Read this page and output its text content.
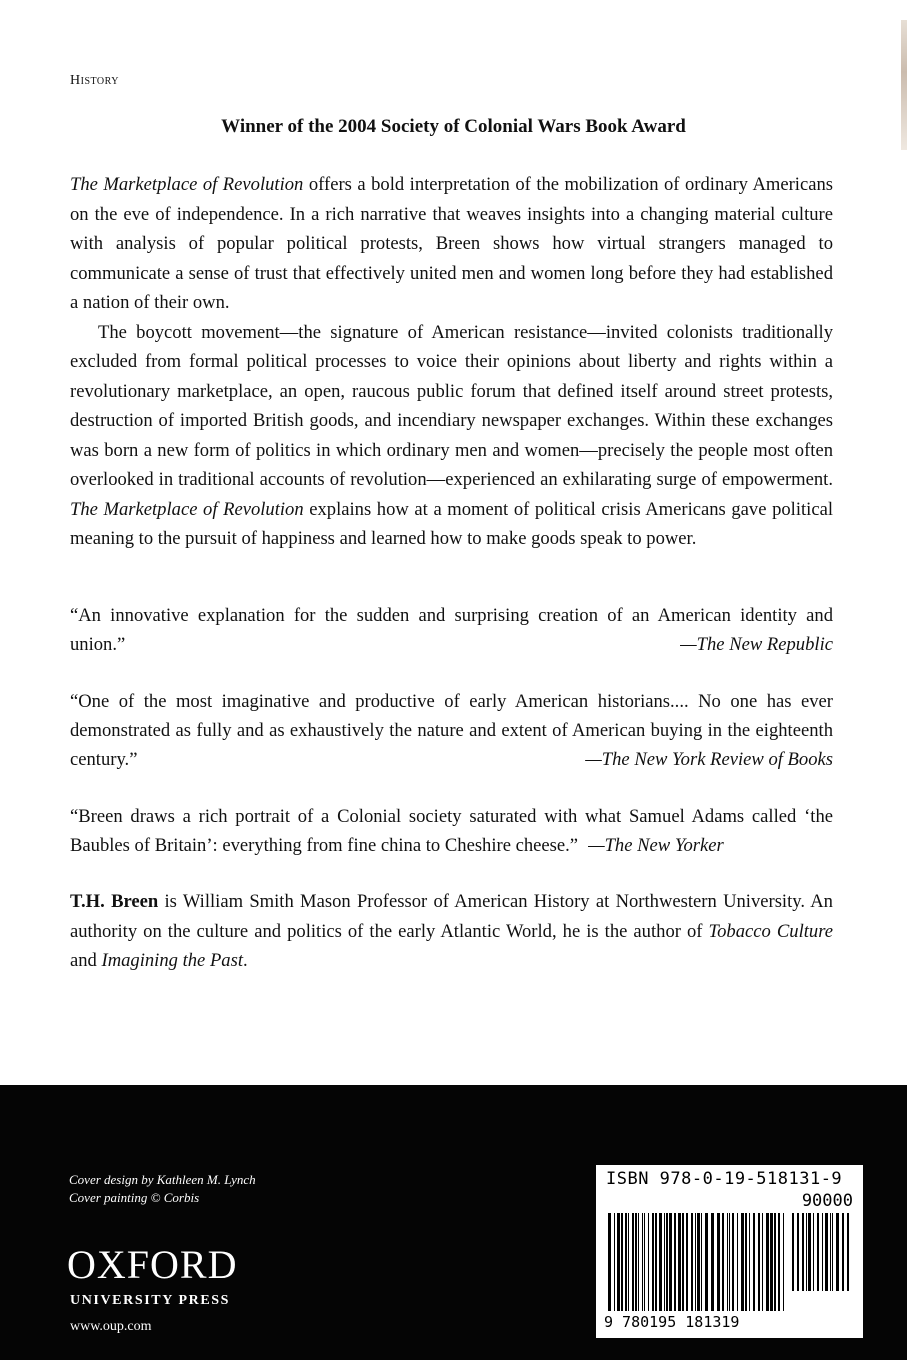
History
Winner of the 2004 Society of Colonial Wars Book Award

The Marketplace of Revolution offers a bold interpretation of the mobilization of ordinary Americans on the eve of independence. In a rich narrative that weaves insights into a changing material culture with analysis of popular political protests, Breen shows how virtual strangers managed to communicate a sense of trust that effectively united men and women long before they had established a nation of their own.

The boycott movement—the signature of American resistance—invited colonists traditionally excluded from formal political processes to voice their opinions about liberty and rights within a revolutionary marketplace, an open, raucous public forum that defined itself around street protests, destruction of imported British goods, and incendiary newspaper exchanges. Within these exchanges was born a new form of politics in which ordinary men and women—precisely the people most often overlooked in traditional accounts of revolution—experienced an exhilarating surge of empowerment. The Marketplace of Revolution explains how at a moment of political crisis Americans gave political meaning to the pursuit of happiness and learned how to make goods speak to power.

“An innovative explanation for the sudden and surprising creation of an American identity and union.”	—The New Republic
“One of the most imaginative and productive of early American historians.... No one has ever demonstrated as fully and as exhaustively the nature and extent of American buying in the eighteenth century.”	—The New York Review of Books
“Breen draws a rich portrait of a Colonial society saturated with what Samuel Adams called ‘the Baubles of Britain’: everything from fine china to Cheshire cheese.” —The New Yorker
T.H. Breen is William Smith Mason Professor of American History at Northwestern University. An authority on the culture and politics of the early Atlantic World, he is the author of Tobacco Culture and Imagining the Past.
Cover design by Kathleen M. Lynch
Cover painting © Corbis
OXFORD
UNIVERSITY PRESS
www.oup.com
ISBN 978-0-19-518131-9
90000
9 780195 181319
